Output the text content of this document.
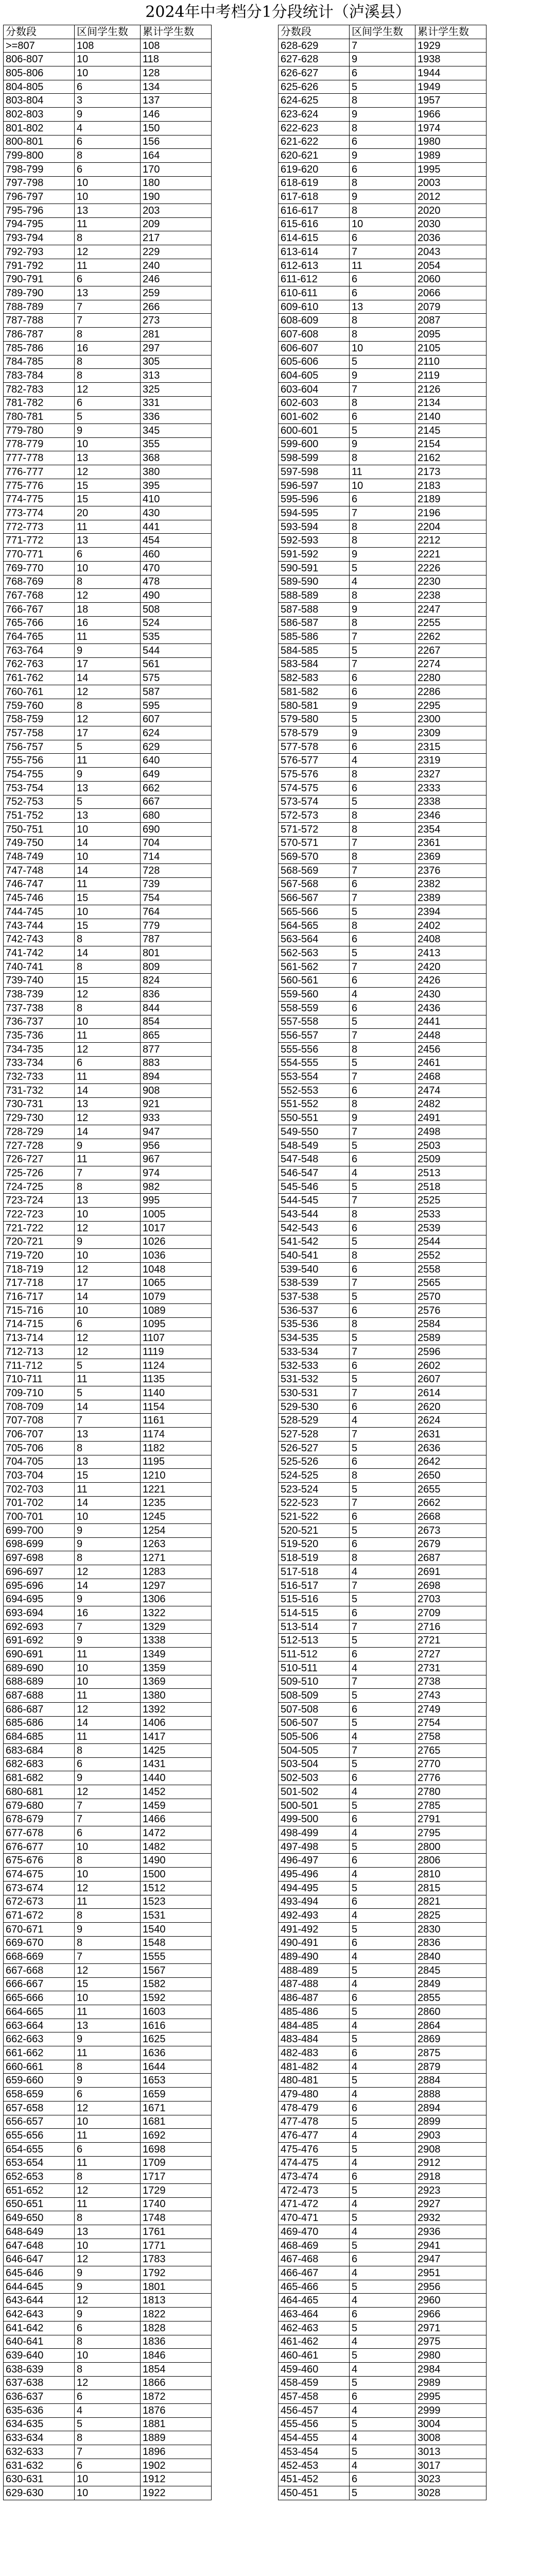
2024年中考档分1分段统计（泸溪县）
分数段	区间学生数	累计学生数
>=807	108	108
806-807	10	118
805-806	10	128
804-805	6	134
803-804	3	137
802-803	9	146
801-802	4	150
800-801	6	156
799-800	8	164
798-799	6	170
797-798	10	180
796-797	10	190
795-796	13	203
794-795	11	209
793-794	8	217
792-793	12	229
791-792	11	240
790-791	6	246
789-790	13	259
788-789	7	266
787-788	7	273
786-787	8	281
785-786	16	297
784-785	8	305
783-784	8	313
782-783	12	325
781-782	6	331
780-781	5	336
779-780	9	345
778-779	10	355
777-778	13	368
776-777	12	380
775-776	15	395
774-775	15	410
773-774	20	430
772-773	11	441
771-772	13	454
770-771	6	460
769-770	10	470
768-769	8	478
767-768	12	490
766-767	18	508
765-766	16	524
764-765	11	535
763-764	9	544
762-763	17	561
761-762	14	575
760-761	12	587
759-760	8	595
758-759	12	607
757-758	17	624
756-757	5	629
755-756	11	640
754-755	9	649
753-754	13	662
752-753	5	667
751-752	13	680
750-751	10	690
749-750	14	704
748-749	10	714
747-748	14	728
746-747	11	739
745-746	15	754
744-745	10	764
743-744	15	779
742-743	8	787
741-742	14	801
740-741	8	809
739-740	15	824
738-739	12	836
737-738	8	844
736-737	10	854
735-736	11	865
734-735	12	877
733-734	6	883
732-733	11	894
731-732	14	908
730-731	13	921
729-730	12	933
728-729	14	947
727-728	9	956
726-727	11	967
725-726	7	974
724-725	8	982
723-724	13	995
722-723	10	1005
721-722	12	1017
720-721	9	1026
719-720	10	1036
718-719	12	1048
717-718	17	1065
716-717	14	1079
715-716	10	1089
714-715	6	1095
713-714	12	1107
712-713	12	1119
711-712	5	1124
710-711	11	1135
709-710	5	1140
708-709	14	1154
707-708	7	1161
706-707	13	1174
705-706	8	1182
704-705	13	1195
703-704	15	1210
702-703	11	1221
701-702	14	1235
700-701	10	1245
699-700	9	1254
698-699	9	1263
697-698	8	1271
696-697	12	1283
695-696	14	1297
694-695	9	1306
693-694	16	1322
692-693	7	1329
691-692	9	1338
690-691	11	1349
689-690	10	1359
688-689	10	1369
687-688	11	1380
686-687	12	1392
685-686	14	1406
684-685	11	1417
683-684	8	1425
682-683	6	1431
681-682	9	1440
680-681	12	1452
679-680	7	1459
678-679	7	1466
677-678	6	1472
676-677	10	1482
675-676	8	1490
674-675	10	1500
673-674	12	1512
672-673	11	1523
671-672	8	1531
670-671	9	1540
669-670	8	1548
668-669	7	1555
667-668	12	1567
666-667	15	1582
665-666	10	1592
664-665	11	1603
663-664	13	1616
662-663	9	1625
661-662	11	1636
660-661	8	1644
659-660	9	1653
658-659	6	1659
657-658	12	1671
656-657	10	1681
655-656	11	1692
654-655	6	1698
653-654	11	1709
652-653	8	1717
651-652	12	1729
650-651	11	1740
649-650	8	1748
648-649	13	1761
647-648	10	1771
646-647	12	1783
645-646	9	1792
644-645	9	1801
643-644	12	1813
642-643	9	1822
641-642	6	1828
640-641	8	1836
639-640	10	1846
638-639	8	1854
637-638	12	1866
636-637	6	1872
635-636	4	1876
634-635	5	1881
633-634	8	1889
632-633	7	1896
631-632	6	1902
630-631	10	1912
629-630	10	1922
分数段	区间学生数	累计学生数
628-629	7	1929
627-628	9	1938
626-627	6	1944
625-626	5	1949
624-625	8	1957
623-624	9	1966
622-623	8	1974
621-622	6	1980
620-621	9	1989
619-620	6	1995
618-619	8	2003
617-618	9	2012
616-617	8	2020
615-616	10	2030
614-615	6	2036
613-614	7	2043
612-613	11	2054
611-612	6	2060
610-611	6	2066
609-610	13	2079
608-609	8	2087
607-608	8	2095
606-607	10	2105
605-606	5	2110
604-605	9	2119
603-604	7	2126
602-603	8	2134
601-602	6	2140
600-601	5	2145
599-600	9	2154
598-599	8	2162
597-598	11	2173
596-597	10	2183
595-596	6	2189
594-595	7	2196
593-594	8	2204
592-593	8	2212
591-592	9	2221
590-591	5	2226
589-590	4	2230
588-589	8	2238
587-588	9	2247
586-587	8	2255
585-586	7	2262
584-585	5	2267
583-584	7	2274
582-583	6	2280
581-582	6	2286
580-581	9	2295
579-580	5	2300
578-579	9	2309
577-578	6	2315
576-577	4	2319
575-576	8	2327
574-575	6	2333
573-574	5	2338
572-573	8	2346
571-572	8	2354
570-571	7	2361
569-570	8	2369
568-569	7	2376
567-568	6	2382
566-567	7	2389
565-566	5	2394
564-565	8	2402
563-564	6	2408
562-563	5	2413
561-562	7	2420
560-561	6	2426
559-560	4	2430
558-559	6	2436
557-558	5	2441
556-557	7	2448
555-556	8	2456
554-555	5	2461
553-554	7	2468
552-553	6	2474
551-552	8	2482
550-551	9	2491
549-550	7	2498
548-549	5	2503
547-548	6	2509
546-547	4	2513
545-546	5	2518
544-545	7	2525
543-544	8	2533
542-543	6	2539
541-542	5	2544
540-541	8	2552
539-540	6	2558
538-539	7	2565
537-538	5	2570
536-537	6	2576
535-536	8	2584
534-535	5	2589
533-534	7	2596
532-533	6	2602
531-532	5	2607
530-531	7	2614
529-530	6	2620
528-529	4	2624
527-528	7	2631
526-527	5	2636
525-526	6	2642
524-525	8	2650
523-524	5	2655
522-523	7	2662
521-522	6	2668
520-521	5	2673
519-520	6	2679
518-519	8	2687
517-518	4	2691
516-517	7	2698
515-516	5	2703
514-515	6	2709
513-514	7	2716
512-513	5	2721
511-512	6	2727
510-511	4	2731
509-510	7	2738
508-509	5	2743
507-508	6	2749
506-507	5	2754
505-506	4	2758
504-505	7	2765
503-504	5	2770
502-503	6	2776
501-502	4	2780
500-501	5	2785
499-500	6	2791
498-499	4	2795
497-498	5	2800
496-497	6	2806
495-496	4	2810
494-495	5	2815
493-494	6	2821
492-493	4	2825
491-492	5	2830
490-491	6	2836
489-490	4	2840
488-489	5	2845
487-488	4	2849
486-487	6	2855
485-486	5	2860
484-485	4	2864
483-484	5	2869
482-483	6	2875
481-482	4	2879
480-481	5	2884
479-480	4	2888
478-479	6	2894
477-478	5	2899
476-477	4	2903
475-476	5	2908
474-475	4	2912
473-474	6	2918
472-473	5	2923
471-472	4	2927
470-471	5	2932
469-470	4	2936
468-469	5	2941
467-468	6	2947
466-467	4	2951
465-466	5	2956
464-465	4	2960
463-464	6	2966
462-463	5	2971
461-462	4	2975
460-461	5	2980
459-460	4	2984
458-459	5	2989
457-458	6	2995
456-457	4	2999
455-456	5	3004
454-455	4	3008
453-454	5	3013
452-453	4	3017
451-452	6	3023
450-451	5	3028
